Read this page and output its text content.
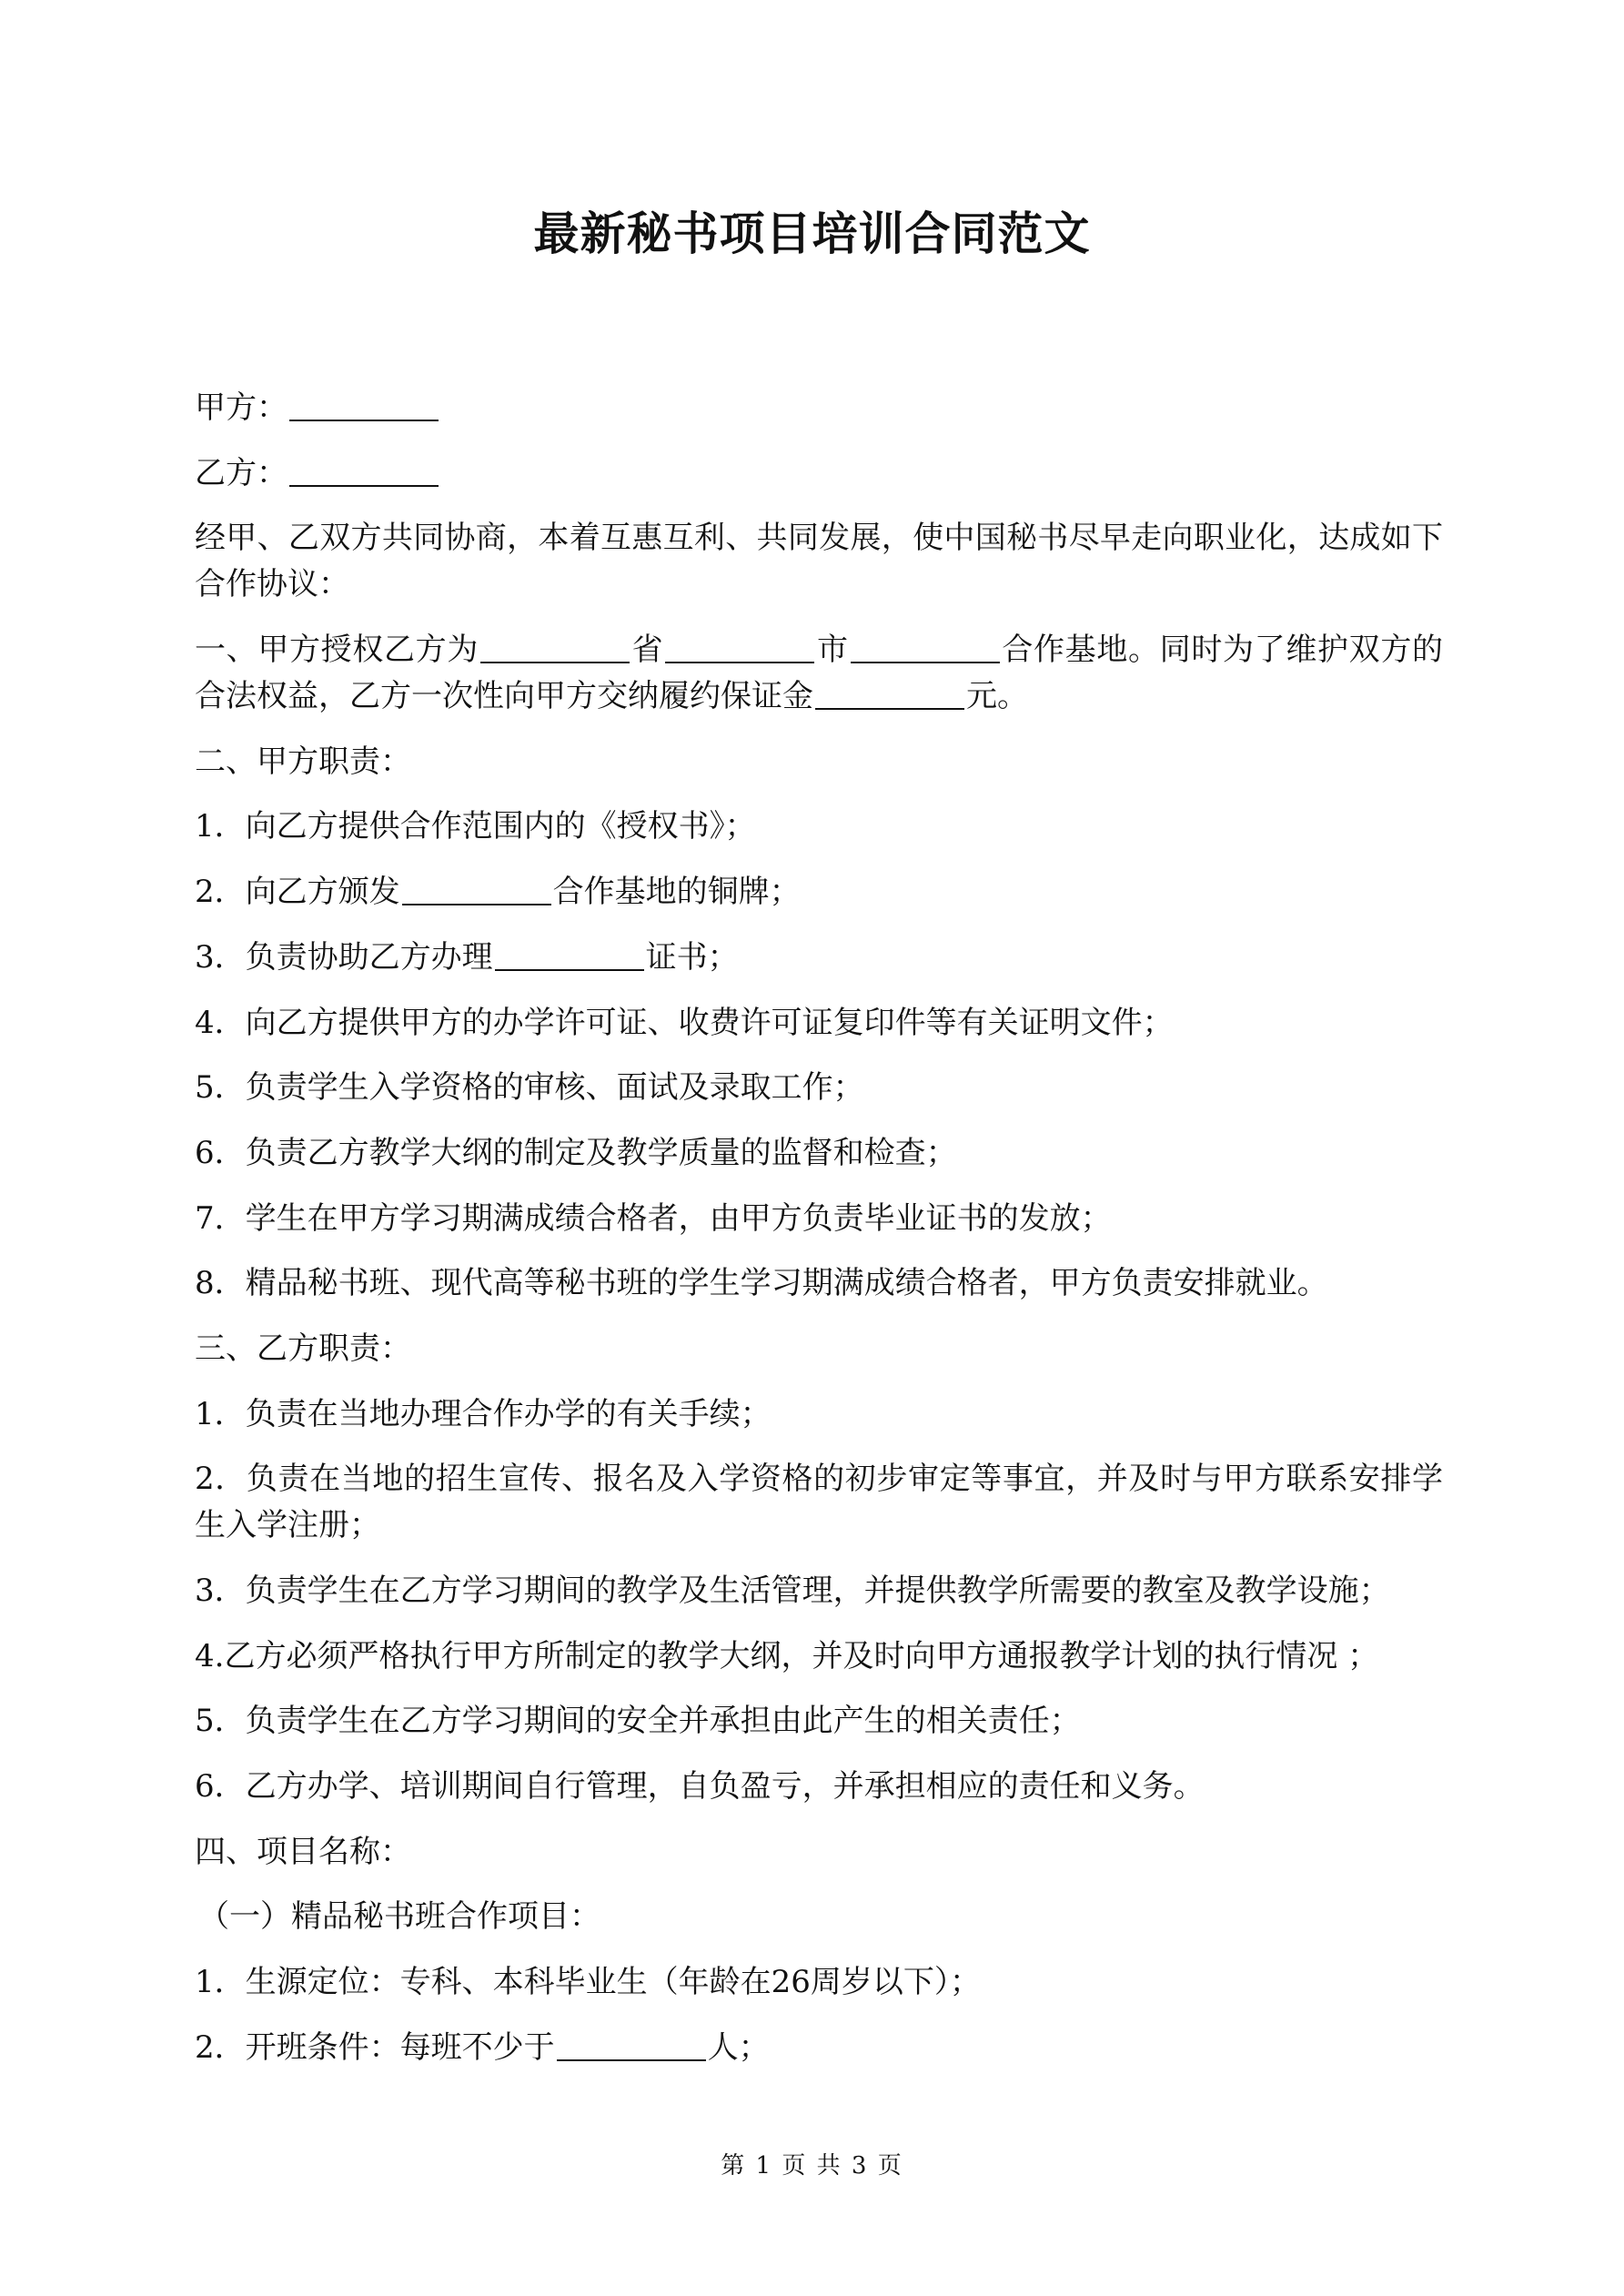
最新秘书项目培训合同范文

甲方：

乙方：

经甲、乙双方共同协商，本着互惠互利、共同发展，使中国秘书尽早走向职业化，达成如下合作协议：

一、甲方授权乙方为	省	市	合作基地。同时为了维护双方的合法权益，乙方一次性向甲方交纳履约保证金	元。

二、甲方职责：

1．向乙方提供合作范围内的《授权书》；

2．向乙方颁发	合作基地的铜牌；

3．负责协助乙方办理	证书；

4．向乙方提供甲方的办学许可证、收费许可证复印件等有关证明文件；

5．负责学生入学资格的审核、面试及录取工作；

6．负责乙方教学大纲的制定及教学质量的监督和检查；

7．学生在甲方学习期满成绩合格者，由甲方负责毕业证书的发放；

8．精品秘书班、现代高等秘书班的学生学习期满成绩合格者，甲方负责安排就业。

三、乙方职责：

1．负责在当地办理合作办学的有关手续；

2．负责在当地的招生宣传、报名及入学资格的初步审定等事宜，并及时与甲方联系安排学生入学注册；

3．负责学生在乙方学习期间的教学及生活管理，并提供教学所需要的教室及教学设施；

4.乙方必须严格执行甲方所制定的教学大纲，并及时向甲方通报教学计划的执行情况 ；

5．负责学生在乙方学习期间的安全并承担由此产生的相关责任；

6．乙方办学、培训期间自行管理，自负盈亏，并承担相应的责任和义务。

四、项目名称：

（一）精品秘书班合作项目：

1．生源定位：专科、本科毕业生（年龄在26周岁以下）；

2．开班条件：每班不少于	人；

第 1 页 共 3 页
